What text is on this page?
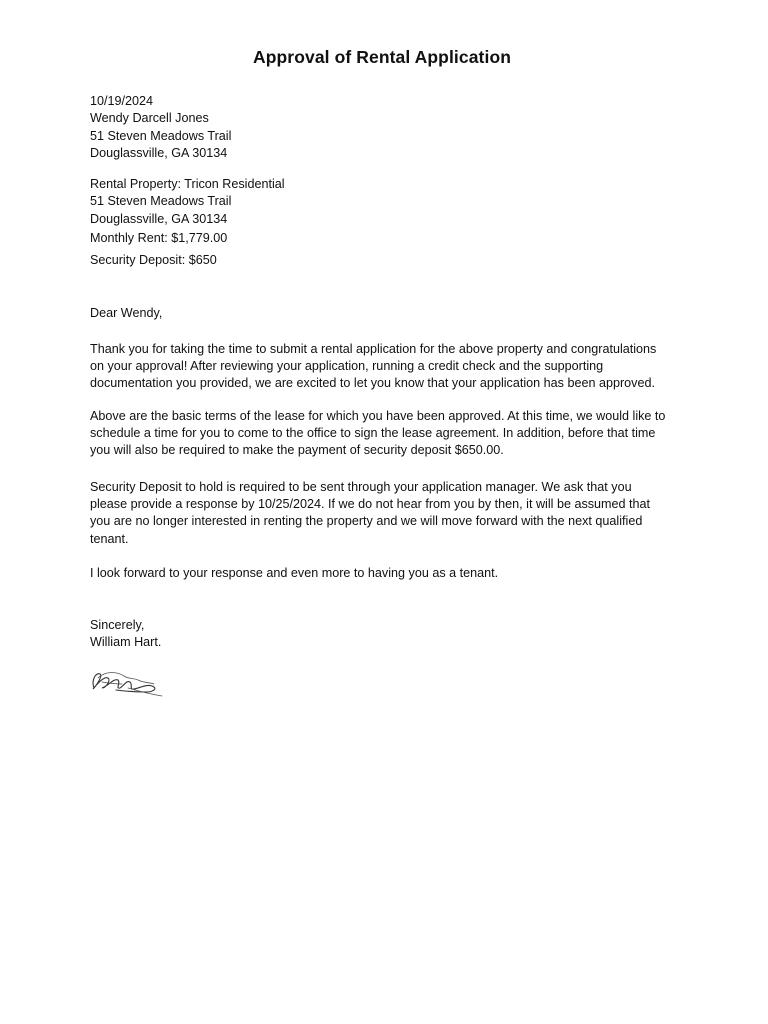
Approval of Rental Application
10/19/2024
Wendy Darcell Jones
51 Steven Meadows Trail
Douglassville, GA 30134
Rental Property: Tricon Residential
51 Steven Meadows Trail
Douglassville, GA 30134
Monthly Rent: $1,779.00
Security Deposit: $650
Dear Wendy,
Thank you for taking the time to submit a rental application for the above property and congratulations
on your approval! After reviewing your application, running a credit check and the supporting
documentation you provided, we are excited to let you know that your application has been approved.
Above are the basic terms of the lease for which you have been approved. At this time, we would like to
schedule a time for you to come to the office to sign the lease agreement. In addition, before that time
you will also be required to make the payment of security deposit $650.00.
Security Deposit to hold is required to be sent through your application manager. We ask that you
please provide a response by 10/25/2024. If we do not hear from you by then, it will be assumed that
you are no longer interested in renting the property and we will move forward with the next qualified
tenant.
I look forward to your response and even more to having you as a tenant.
Sincerely,
William Hart.
